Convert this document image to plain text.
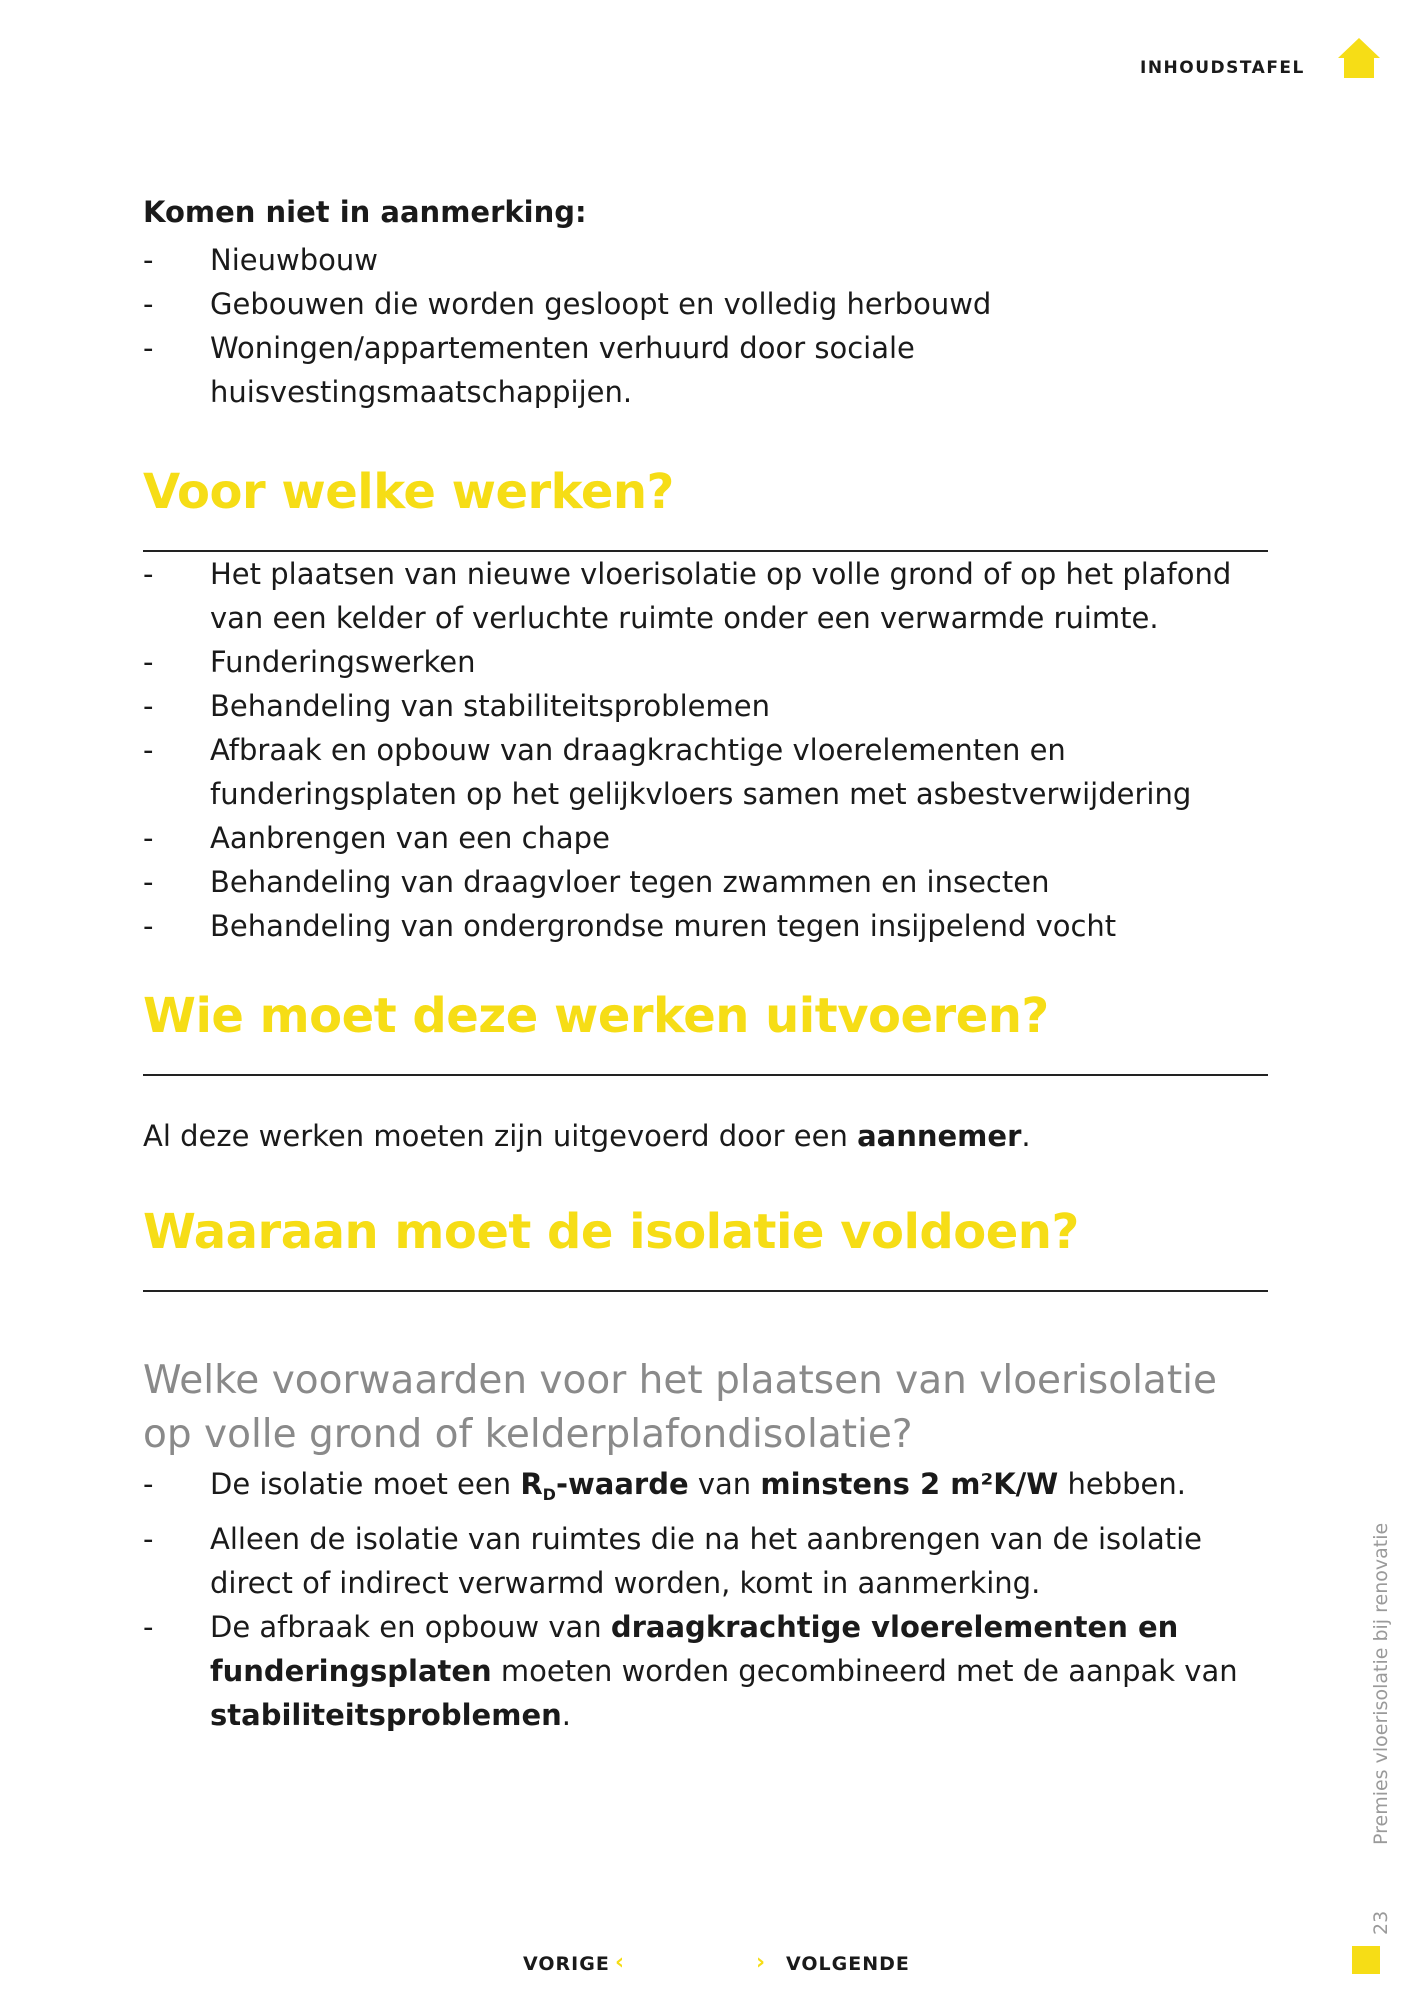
INHOUDSTAFEL
Komen niet in aanmerking:
- Nieuwbouw
- Gebouwen die worden gesloopt en volledig herbouwd
- Woningen/appartementen verhuurd door sociale huisvestingsmaatschappijen.
Voor welke werken?
- Het plaatsen van nieuwe vloerisolatie op volle grond of op het plafond van een kelder of verluchte ruimte onder een verwarmde ruimte.
- Funderingswerken
- Behandeling van stabiliteitsproblemen
- Afbraak en opbouw van draagkrachtige vloerelementen en funderingsplaten op het gelijkvloers samen met asbestverwijdering
- Aanbrengen van een chape
- Behandeling van draagvloer tegen zwammen en insecten
- Behandeling van ondergrondse muren tegen insijpelend vocht
Wie moet deze werken uitvoeren?

Al deze werken moeten zijn uitgevoerd door een aannemer.

Waaraan moet de isolatie voldoen?
Welke voorwaarden voor het plaatsen van vloerisolatie op volle grond of kelderplafondisolatie?
- De isolatie moet een $R_D$-waarde van minstens 2 m²K/W hebben.
- Alleen de isolatie van ruimtes die na het aanbrengen van de isolatie direct of indirect verwarmd worden, komt in aanmerking.
- De afbraak en opbouw van draagkrachtige vloerelementen en funderingsplaten moeten worden gecombineerd met de aanpak van stabiliteitsproblemen.	Premies vloerisolatie bij renovatie
23
VORIGE ‹	› VOLGENDE
